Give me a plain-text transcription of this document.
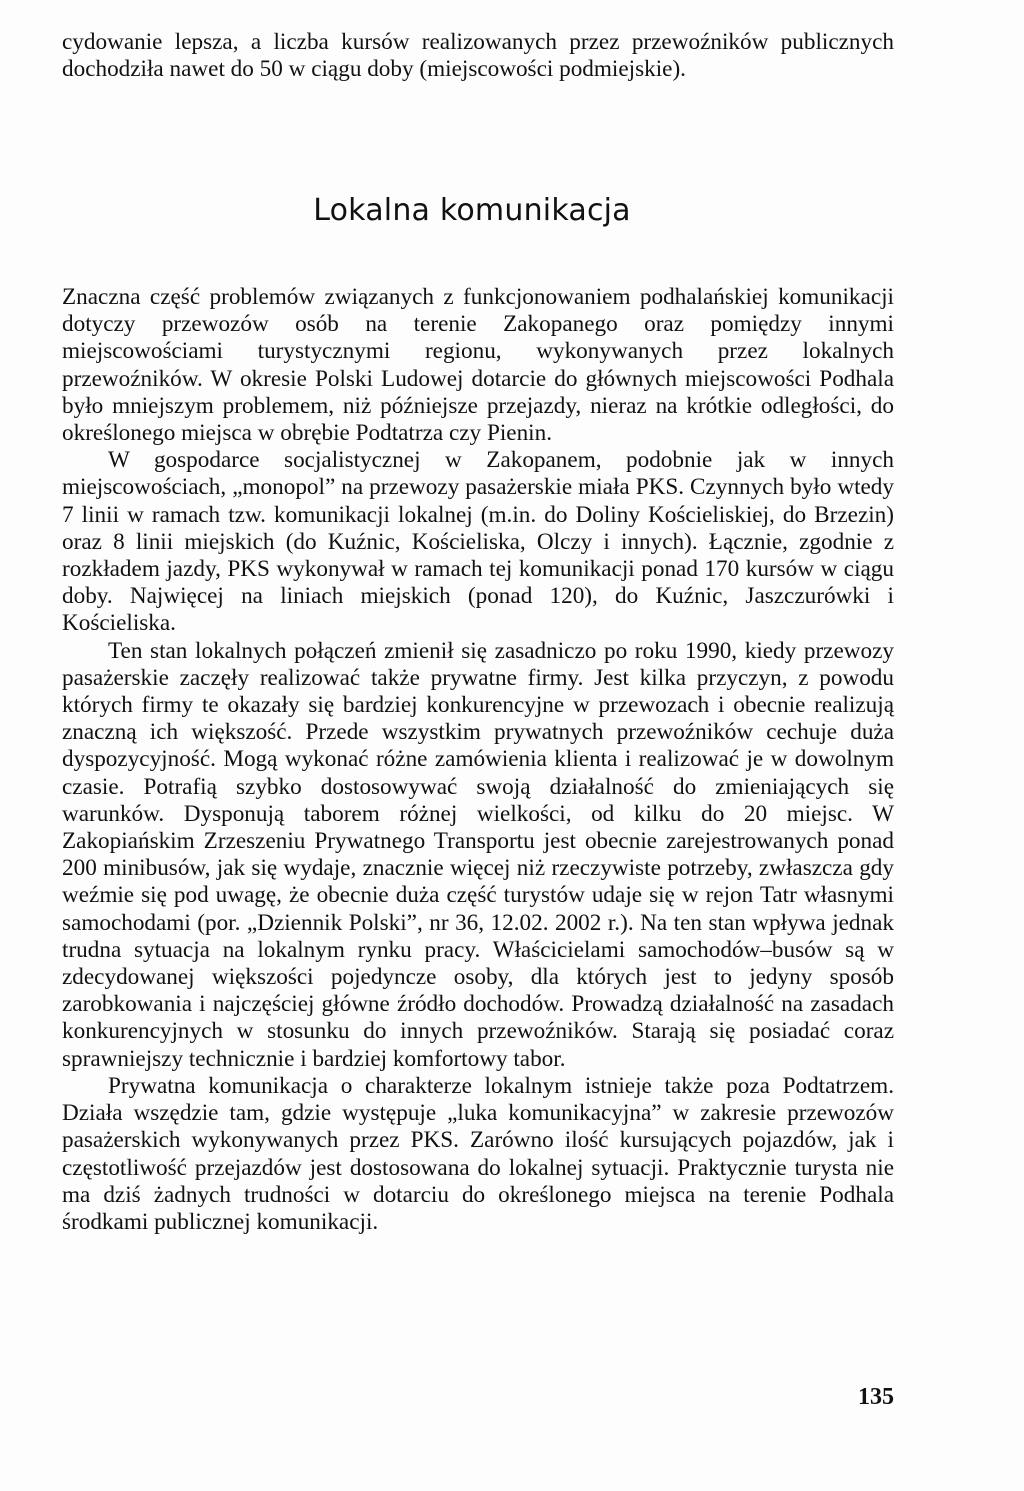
cydowanie lepsza, a liczba kursów realizowanych przez przewoźników publicznych dochodziła nawet do 50 w ciągu doby (miejscowości podmiejskie).

Lokalna komunikacja

Znaczna część problemów związanych z funkcjonowaniem podhalańskiej komunikacji dotyczy przewozów osób na terenie Zakopanego oraz pomiędzy innymi miejscowościami turystycznymi regionu, wykonywanych przez lokalnych przewoźników. W okresie Polski Ludowej dotarcie do głównych miejscowości Podhala było mniejszym problemem, niż późniejsze przejazdy, nieraz na krótkie odległości, do określonego miejsca w obrębie Podtatrza czy Pienin.

W gospodarce socjalistycznej w Zakopanem, podobnie jak w innych miejscowościach, „monopol” na przewozy pasażerskie miała PKS. Czynnych było wtedy 7 linii w ramach tzw. komunikacji lokalnej (m.in. do Doliny Kościeliskiej, do Brzezin) oraz 8 linii miejskich (do Kuźnic, Kościeliska, Olczy i innych). Łącznie, zgodnie z rozkładem jazdy, PKS wykonywał w ramach tej komunikacji ponad 170 kursów w ciągu doby. Najwięcej na liniach miejskich (ponad 120), do Kuźnic, Jaszczurówki i Kościeliska.

Ten stan lokalnych połączeń zmienił się zasadniczo po roku 1990, kiedy przewozy pasażerskie zaczęły realizować także prywatne firmy. Jest kilka przyczyn, z powodu których firmy te okazały się bardziej konkurencyjne w przewozach i obecnie realizują znaczną ich większość. Przede wszystkim prywatnych przewoźników cechuje duża dyspozycyjność. Mogą wykonać różne zamówienia klienta i realizować je w dowolnym czasie. Potrafią szybko dostosowywać swoją działalność do zmieniających się warunków. Dysponują taborem różnej wielkości, od kilku do 20 miejsc. W Zakopiańskim Zrzeszeniu Prywatnego Transportu jest obecnie zarejestrowanych ponad 200 minibusów, jak się wydaje, znacznie więcej niż rzeczywiste potrzeby, zwłaszcza gdy weźmie się pod uwagę, że obecnie duża część turystów udaje się w rejon Tatr własnymi samochodami (por. „Dziennik Polski”, nr 36, 12.02. 2002 r.). Na ten stan wpływa jednak trudna sytuacja na lokalnym rynku pracy. Właścicielami samochodów–busów są w zdecydowanej większości pojedyncze osoby, dla których jest to jedyny sposób zarobkowania i najczęściej główne źródło dochodów. Prowadzą działalność na zasadach konkurencyjnych w stosunku do innych przewoźników. Starają się posiadać coraz sprawniejszy technicznie i bardziej komfortowy tabor.

Prywatna komunikacja o charakterze lokalnym istnieje także poza Podtatrzem. Działa wszędzie tam, gdzie występuje „luka komunikacyjna” w zakresie przewozów pasażerskich wykonywanych przez PKS. Zarówno ilość kursujących pojazdów, jak i częstotliwość przejazdów jest dostosowana do lokalnej sytuacji. Praktycznie turysta nie ma dziś żadnych trudności w dotarciu do określonego miejsca na terenie Podhala środkami publicznej komunikacji.

135
